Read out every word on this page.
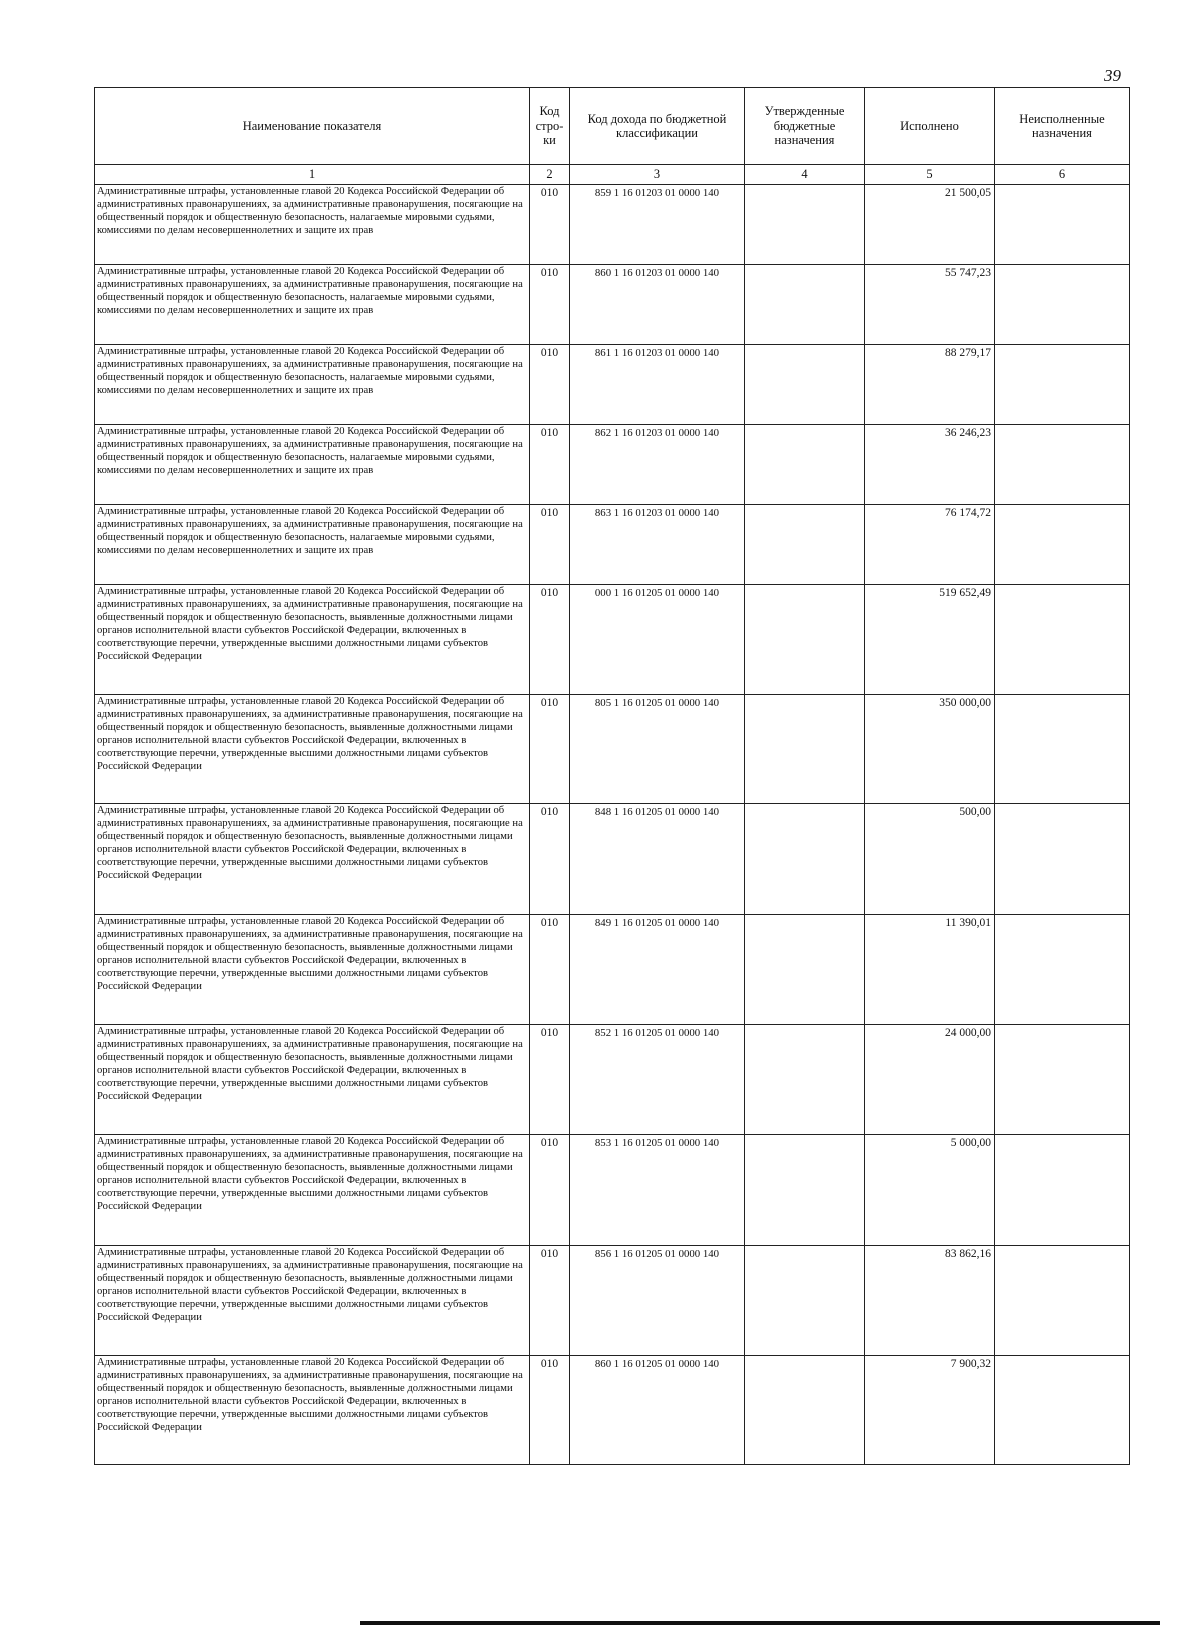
39
Наименование показателя	Код стро-ки	Код дохода по бюджетной классификации	Утвержденные бюджетные назначения	Исполнено	Неисполненные назначения
1	2	3	4	5	6
Административные штрафы, установленные главой 20 Кодекса Российской Федерации об административных правонарушениях, за административные правонарушения, посягающие на общественный порядок и общественную безопасность, налагаемые мировыми судьями, комиссиями по делам несовершеннолетних и защите их прав	010	859 1 16 01203 01 0000 140		21 500,05	
Административные штрафы, установленные главой 20 Кодекса Российской Федерации об административных правонарушениях, за административные правонарушения, посягающие на общественный порядок и общественную безопасность, налагаемые мировыми судьями, комиссиями по делам несовершеннолетних и защите их прав	010	860 1 16 01203 01 0000 140		55 747,23	
Административные штрафы, установленные главой 20 Кодекса Российской Федерации об административных правонарушениях, за административные правонарушения, посягающие на общественный порядок и общественную безопасность, налагаемые мировыми судьями, комиссиями по делам несовершеннолетних и защите их прав	010	861 1 16 01203 01 0000 140		88 279,17	
Административные штрафы, установленные главой 20 Кодекса Российской Федерации об административных правонарушениях, за административные правонарушения, посягающие на общественный порядок и общественную безопасность, налагаемые мировыми судьями, комиссиями по делам несовершеннолетних и защите их прав	010	862 1 16 01203 01 0000 140		36 246,23	
Административные штрафы, установленные главой 20 Кодекса Российской Федерации об административных правонарушениях, за административные правонарушения, посягающие на общественный порядок и общественную безопасность, налагаемые мировыми судьями, комиссиями по делам несовершеннолетних и защите их прав	010	863 1 16 01203 01 0000 140		76 174,72	
Административные штрафы, установленные главой 20 Кодекса Российской Федерации об административных правонарушениях, за административные правонарушения, посягающие на общественный порядок и общественную безопасность, выявленные должностными лицами органов исполнительной власти субъектов Российской Федерации, включенных в соответствующие перечни, утвержденные высшими должностными лицами субъектов Российской Федерации	010	000 1 16 01205 01 0000 140		519 652,49	
Административные штрафы, установленные главой 20 Кодекса Российской Федерации об административных правонарушениях, за административные правонарушения, посягающие на общественный порядок и общественную безопасность, выявленные должностными лицами органов исполнительной власти субъектов Российской Федерации, включенных в соответствующие перечни, утвержденные высшими должностными лицами субъектов Российской Федерации	010	805 1 16 01205 01 0000 140		350 000,00	
Административные штрафы, установленные главой 20 Кодекса Российской Федерации об административных правонарушениях, за административные правонарушения, посягающие на общественный порядок и общественную безопасность, выявленные должностными лицами органов исполнительной власти субъектов Российской Федерации, включенных в соответствующие перечни, утвержденные высшими должностными лицами субъектов Российской Федерации	010	848 1 16 01205 01 0000 140		500,00	
Административные штрафы, установленные главой 20 Кодекса Российской Федерации об административных правонарушениях, за административные правонарушения, посягающие на общественный порядок и общественную безопасность, выявленные должностными лицами органов исполнительной власти субъектов Российской Федерации, включенных в соответствующие перечни, утвержденные высшими должностными лицами субъектов Российской Федерации	010	849 1 16 01205 01 0000 140		11 390,01	
Административные штрафы, установленные главой 20 Кодекса Российской Федерации об административных правонарушениях, за административные правонарушения, посягающие на общественный порядок и общественную безопасность, выявленные должностными лицами органов исполнительной власти субъектов Российской Федерации, включенных в соответствующие перечни, утвержденные высшими должностными лицами субъектов Российской Федерации	010	852 1 16 01205 01 0000 140		24 000,00	
Административные штрафы, установленные главой 20 Кодекса Российской Федерации об административных правонарушениях, за административные правонарушения, посягающие на общественный порядок и общественную безопасность, выявленные должностными лицами органов исполнительной власти субъектов Российской Федерации, включенных в соответствующие перечни, утвержденные высшими должностными лицами субъектов Российской Федерации	010	853 1 16 01205 01 0000 140		5 000,00	
Административные штрафы, установленные главой 20 Кодекса Российской Федерации об административных правонарушениях, за административные правонарушения, посягающие на общественный порядок и общественную безопасность, выявленные должностными лицами органов исполнительной власти субъектов Российской Федерации, включенных в соответствующие перечни, утвержденные высшими должностными лицами субъектов Российской Федерации	010	856 1 16 01205 01 0000 140		83 862,16	
Административные штрафы, установленные главой 20 Кодекса Российской Федерации об административных правонарушениях, за административные правонарушения, посягающие на общественный порядок и общественную безопасность, выявленные должностными лицами органов исполнительной власти субъектов Российской Федерации, включенных в соответствующие перечни, утвержденные высшими должностными лицами субъектов Российской Федерации	010	860 1 16 01205 01 0000 140		7 900,32	
